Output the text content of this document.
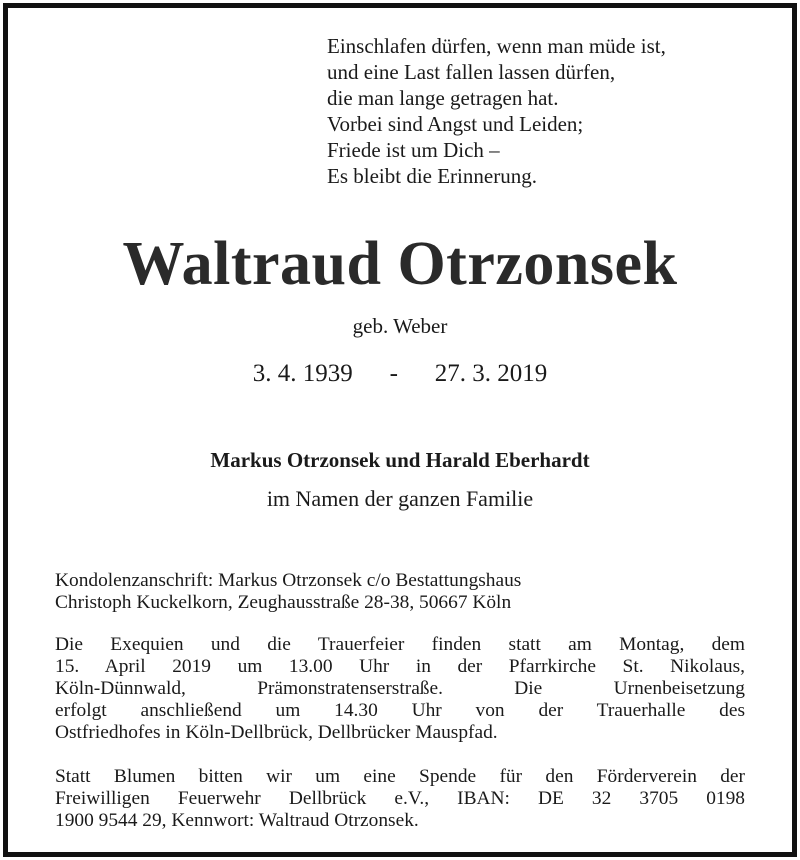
Einschlafen dürfen, wenn man müde ist,
und eine Last fallen lassen dürfen,
die man lange getragen hat.
Vorbei sind Angst und Leiden;
Friede ist um Dich –
Es bleibt die Erinnerung.
Waltraud Otrzonsek
geb. Weber
3. 4. 1939 - 27. 3. 2019
Markus Otrzonsek und Harald Eberhardt
im Namen der ganzen Familie
Kondolenzanschrift: Markus Otrzonsek c/o Bestattungshaus
Christoph Kuckelkorn, Zeughausstraße 28-38, 50667 Köln
Die Exequien und die Trauerfeier finden statt am Montag, dem
15. April 2019 um 13.00 Uhr in der Pfarrkirche St. Nikolaus,
Köln-Dünnwald, Prämonstratenserstraße. Die Urnenbeisetzung
erfolgt anschließend um 14.30 Uhr von der Trauerhalle des
Ostfriedhofes in Köln-Dellbrück, Dellbrücker Mauspfad.
Statt Blumen bitten wir um eine Spende für den Förderverein der
Freiwilligen Feuerwehr Dellbrück e.V., IBAN: DE 32 3705 0198
1900 9544 29, Kennwort: Waltraud Otrzonsek.
